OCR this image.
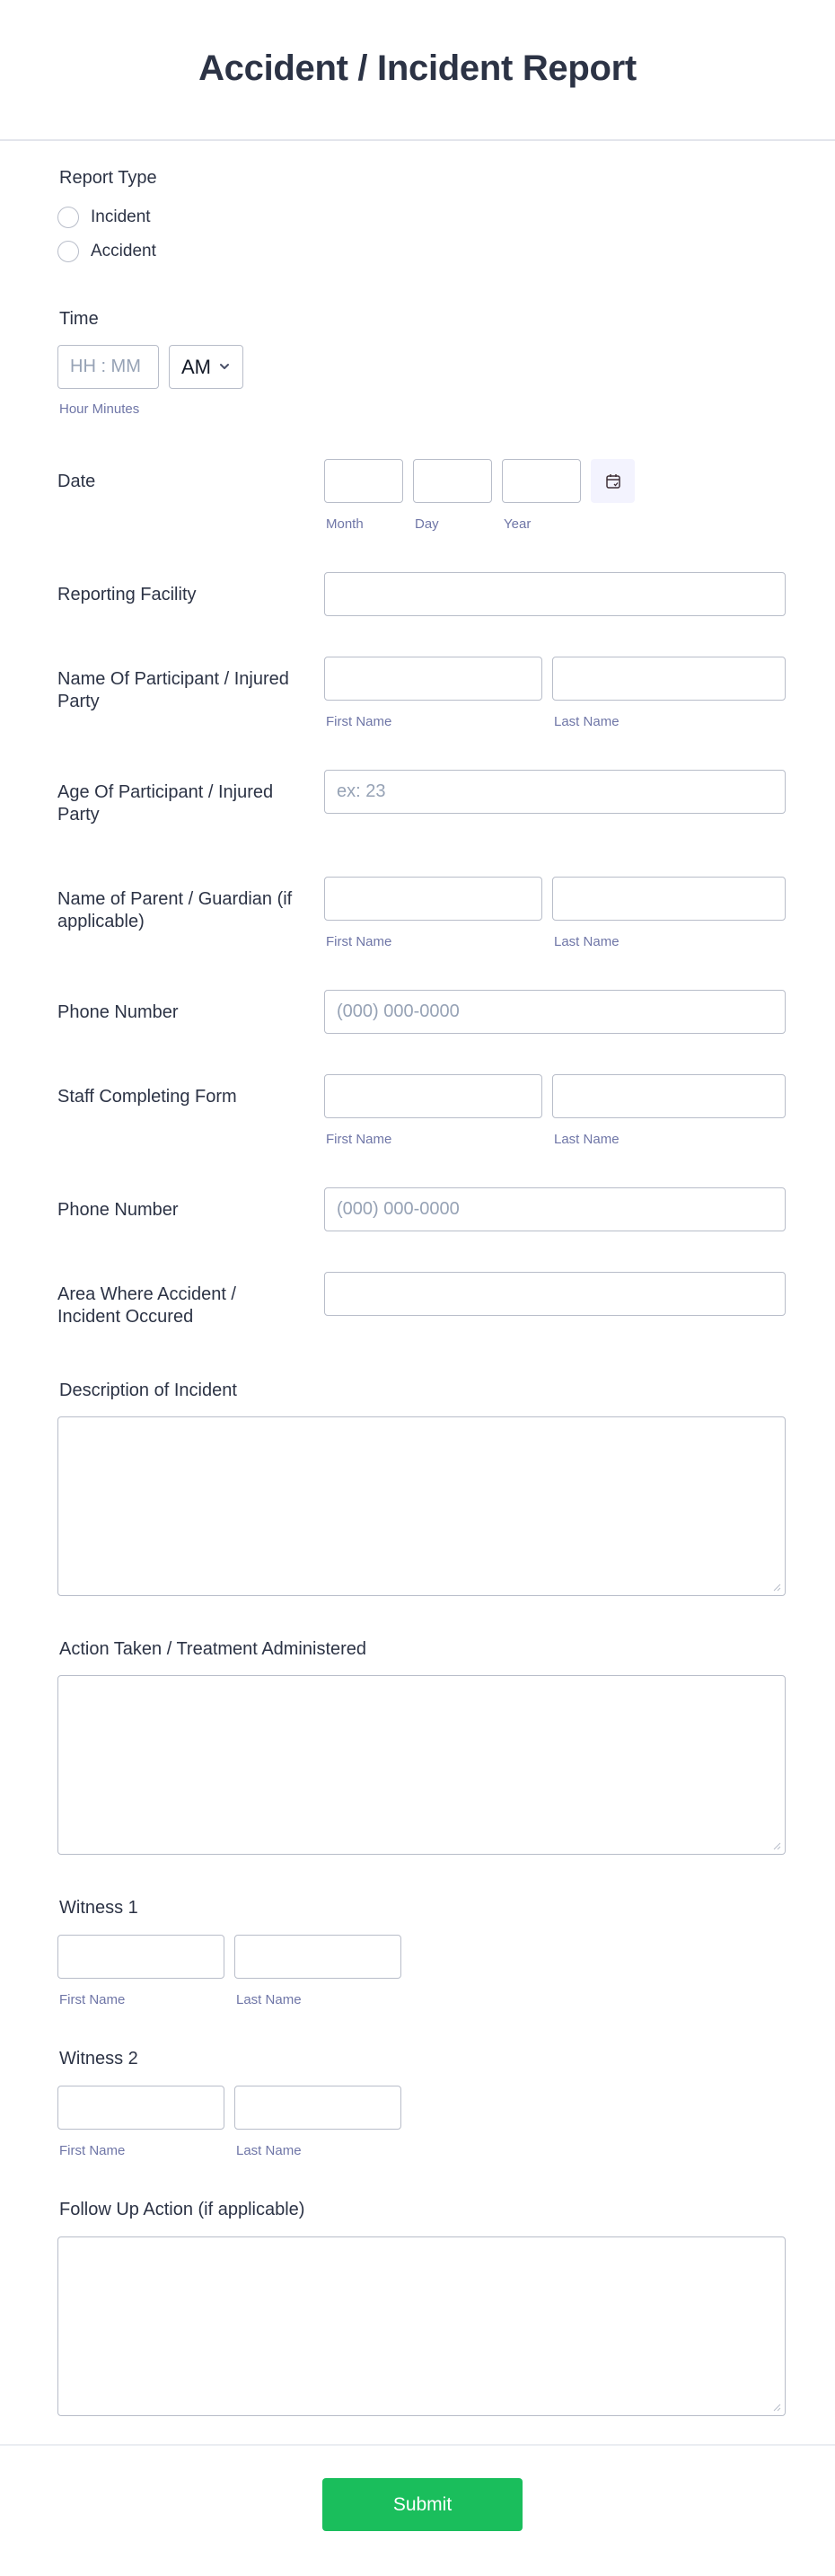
Accident / Incident Report
Report Type
Incident
Accident
Time
HH : MM AM
Hour Minutes
Date
Month	Day	Year
Reporting Facility
Name Of Participant / Injured Party
First Name	Last Name
Age Of Participant / Injured Party
ex: 23
Name of Parent / Guardian (if applicable)
First Name	Last Name
Phone Number	(000) 000-0000
Staff Completing Form
First Name	Last Name
Phone Number	(000) 000-0000
Area Where Accident / Incident Occured
Description of Incident
Action Taken / Treatment Administered
Witness 1
First Name	Last Name
Witness 2
First Name	Last Name
Follow Up Action (if applicable)
Submit
